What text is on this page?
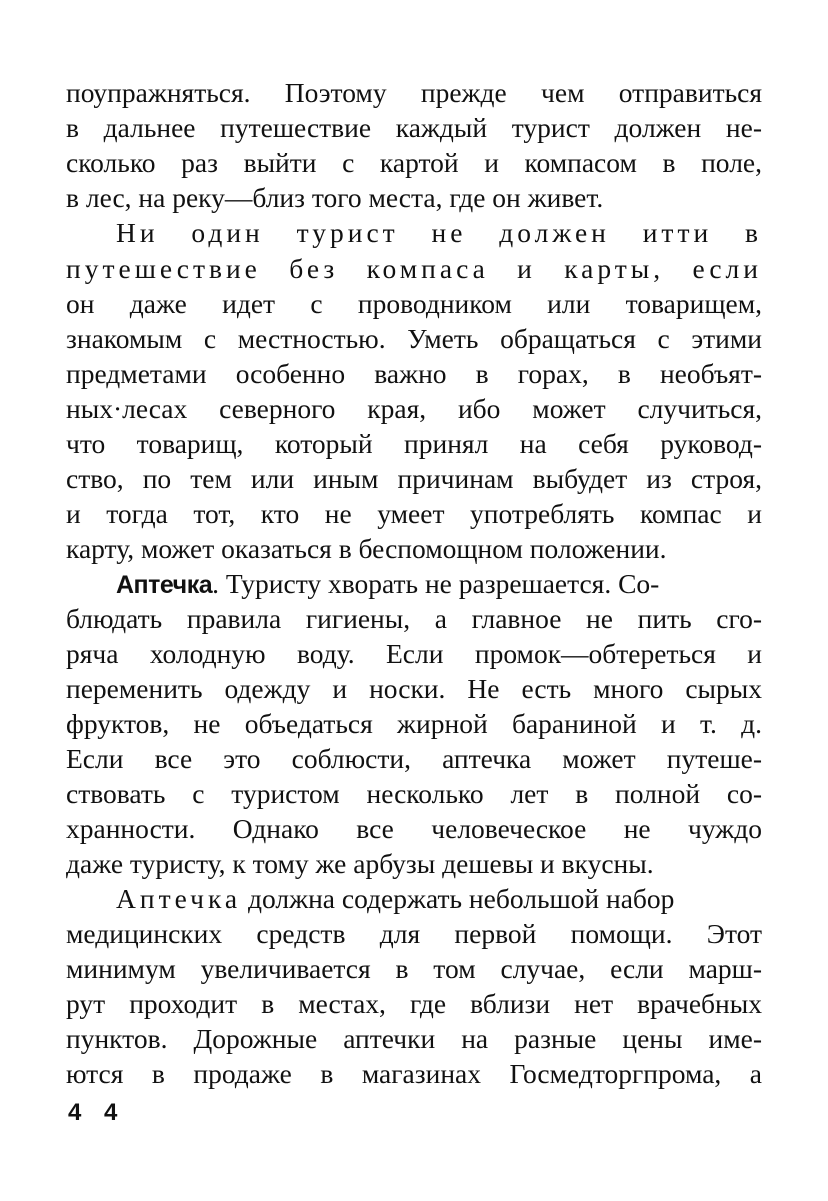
поупражняться. Поэтому прежде чем отправиться
в дальнее путешествие каждый турист должен не-
сколько раз выйти с картой и компасом в поле,
в лес, на реку—близ того места, где он живет.
Ни один турист не должен итти в
путешествие без компаса и карты, если
он даже идет с проводником или товарищем,
знакомым с местностью. Уметь обращаться с этими
предметами особенно важно в горах, в необъят-
ных·лесах северного края, ибо может случиться,
что товарищ, который принял на себя руковод-
ство, по тем или иным причинам выбудет из строя,
и тогда тот, кто не умеет употреблять компас и
карту, может оказаться в беспомощном положении.
Аптечка. Туристу хворать не разрешается. Со-
блюдать правила гигиены, а главное не пить сго-
ряча холодную воду. Если промок—обтереться и
переменить одежду и носки. Не есть много сырых
фруктов, не объедаться жирной бараниной и т. д.
Если все это соблюсти, аптечка может путеше-
ствовать с туристом несколько лет в полной со-
хранности. Однако все человеческое не чуждо
даже туристу, к тому же арбузы дешевы и вкусны.
Аптечка должна содержать небольшой набор
медицинских средств для первой помощи. Этот
минимум увеличивается в том случае, если марш-
рут проходит в местах, где вблизи нет врачебных
пунктов. Дорожные аптечки на разные цены име-
ются в продаже в магазинах Госмедторгпрома, а
4 4
